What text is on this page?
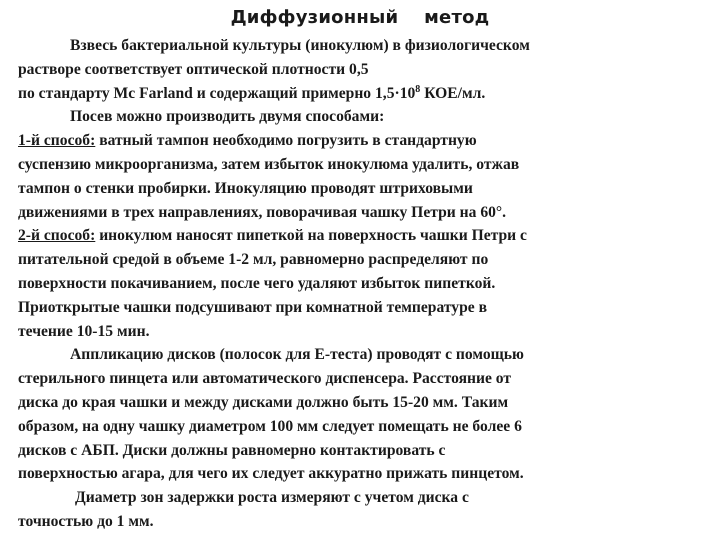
Диффузионный    метод
Взвесь бактериальной культуры (инокулюм) в физиологическом
растворе соответствует оптической плотности 0,5
по стандарту Mc Farland и содержащий примерно $1,5\cdot 10^8$ КОЕ/мл.
Посев можно производить двумя способами:
1-й способ: ватный тампон необходимо погрузить в стандартную
суспензию микроорганизма, затем избыток инокулюма удалить, отжав
тампон о стенки пробирки. Инокуляцию проводят штриховыми
движениями в трех направлениях, поворачивая чашку Петри на 60°.
2-й способ: инокулюм наносят пипеткой на поверхность чашки Петри с
питательной средой в объеме 1-2 мл, равномерно распределяют по
поверхности покачиванием, после чего удаляют избыток пипеткой.
Приоткрытые чашки подсушивают при комнатной температуре в
течение 10-15 мин.
Аппликацию дисков (полосок для Е-теста) проводят с помощью
стерильного пинцета или автоматического диспенсера. Расстояние от
диска до края чашки и между дисками должно быть 15-20 мм. Таким
образом, на одну чашку диаметром 100 мм следует помещать не более 6
дисков с АБП. Диски должны равномерно контактировать с
поверхностью агара, для чего их следует аккуратно прижать пинцетом.
Диаметр зон задержки роста измеряют с учетом диска с
точностью до 1 мм.
